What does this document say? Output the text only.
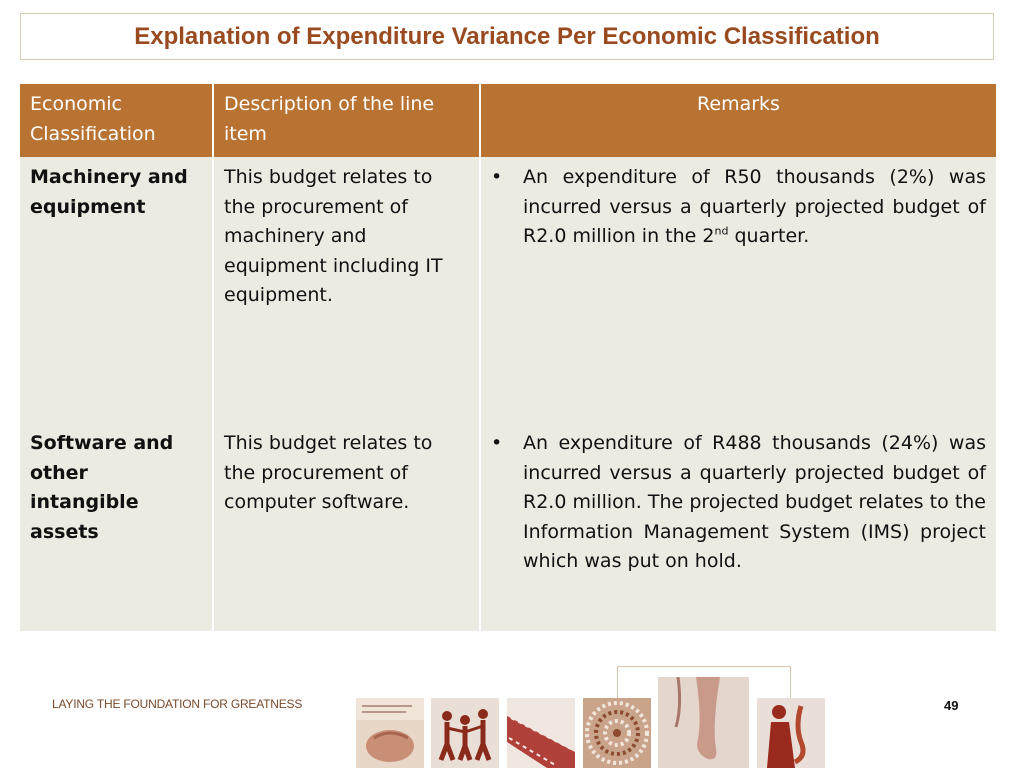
Explanation of Expenditure Variance Per Economic Classification
Economic Classification	Description of the line item	Remarks
Machinery and equipment	This budget relates to the procurement of machinery and equipment including IT equipment.	• An expenditure of R50 thousands (2%) was incurred versus a quarterly projected budget of R2.0 million in the 2nd quarter.

Software and other intangible assets	This budget relates to the procurement of computer software.	• An expenditure of R488 thousands (24%) was incurred versus a quarterly projected budget of R2.0 million. The projected budget relates to the Information Management System (IMS) project which was put on hold.
LAYING THE FOUNDATION FOR GREATNESS	49
